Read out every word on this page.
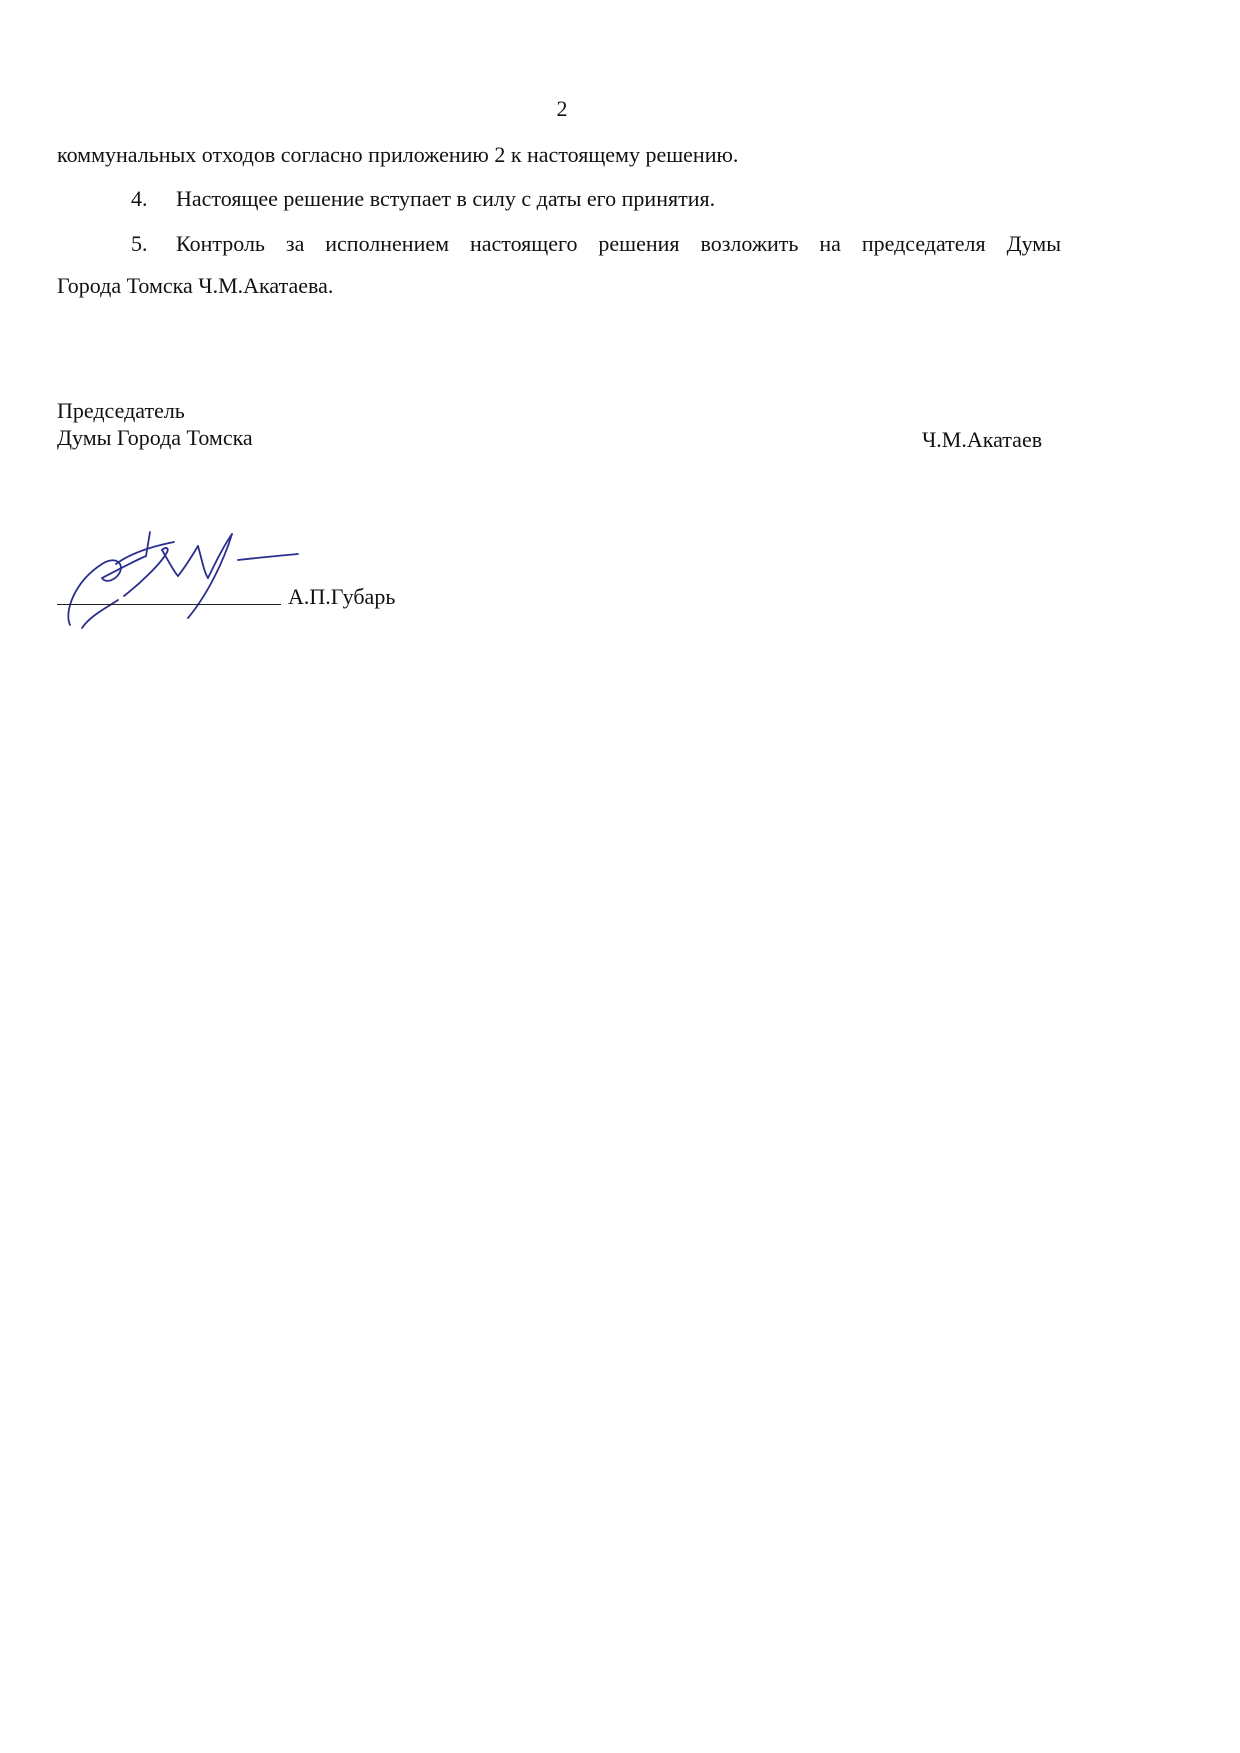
2
коммунальных отходов согласно приложению 2 к настоящему решению.
4. Настоящее решение вступает в силу с даты его принятия.
5. Контроль за исполнением настоящего решения возложить на председателя Думы
Города Томска Ч.М.Акатаева.
Председатель
Думы Города Томска	Ч.М.Акатаев
А.П.Губарь
